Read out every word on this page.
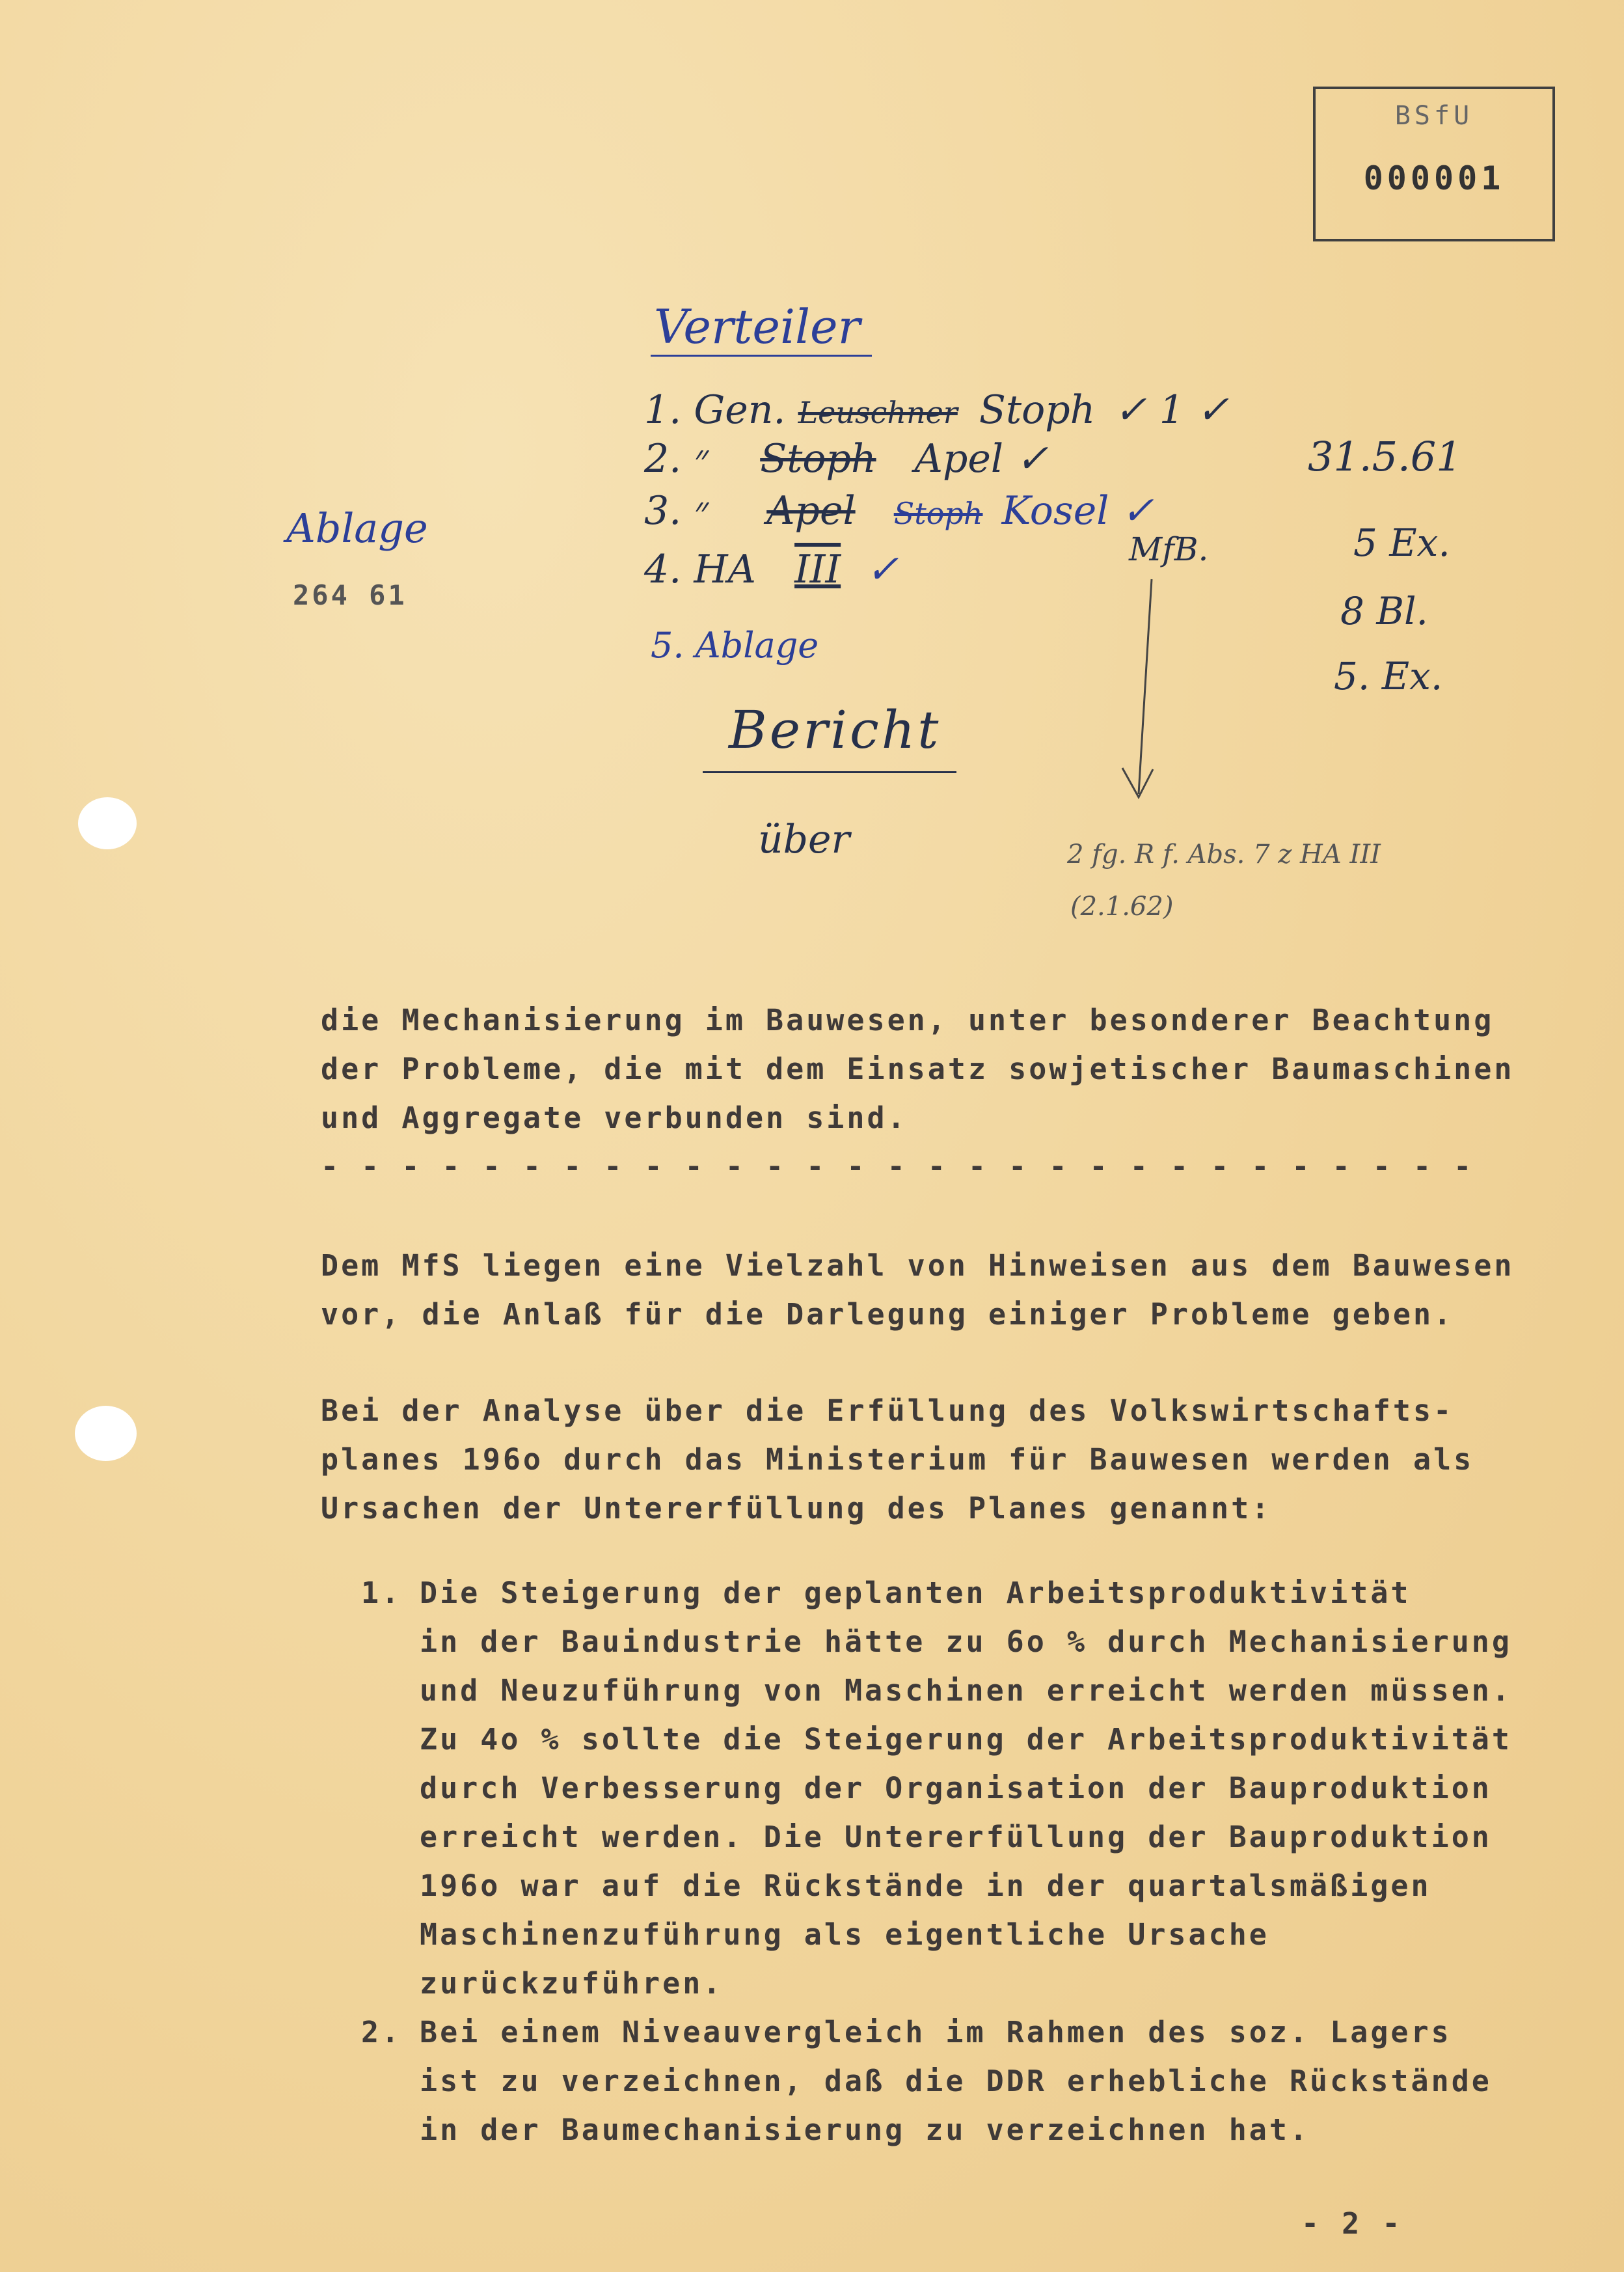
BSfU
000001
Verteiler
1. Gen. Leuschner Stoph ✓ 1 ✓
2. ״ Stoph Apel ✓
3. ״ Apel Stoph Kosel ✓
MfB.
4. HA III ✓
5. Ablage
Ablage
264 61
31.5.61
5 Ex.
8 Bl.
5. Ex.
2 fg. R f. Abs. 7 z HA III
(2.1.62)
Bericht
über
die Mechanisierung im Bauwesen, unter besonderer Beachtung
der Probleme, die mit dem Einsatz sowjetischer Baumaschinen
und Aggregate verbunden sind.
- - - - - - - - - - - - - - - - - - - - - - - - - - - - -
Dem MfS liegen eine Vielzahl von Hinweisen aus dem Bauwesen
vor, die Anlaß für die Darlegung einiger Probleme geben.
Bei der Analyse über die Erfüllung des Volkswirtschafts-
planes 196o durch das Ministerium für Bauwesen werden als
Ursachen der Untererfüllung des Planes genannt:
1. Die Steigerung der geplanten Arbeitsproduktivität
in der Bauindustrie hätte zu 6o % durch Mechanisierung
und Neuzuführung von Maschinen erreicht werden müssen.
Zu 4o % sollte die Steigerung der Arbeitsproduktivität
durch Verbesserung der Organisation der Bauproduktion
erreicht werden. Die Untererfüllung der Bauproduktion
196o war auf die Rückstände in der quartalsmäßigen
Maschinenzuführung als eigentliche Ursache zurückzuführen.
2. Bei einem Niveauvergleich im Rahmen des soz. Lagers
ist zu verzeichnen, daß die DDR erhebliche Rückstände
in der Baumechanisierung zu verzeichnen hat.
- 2 -
